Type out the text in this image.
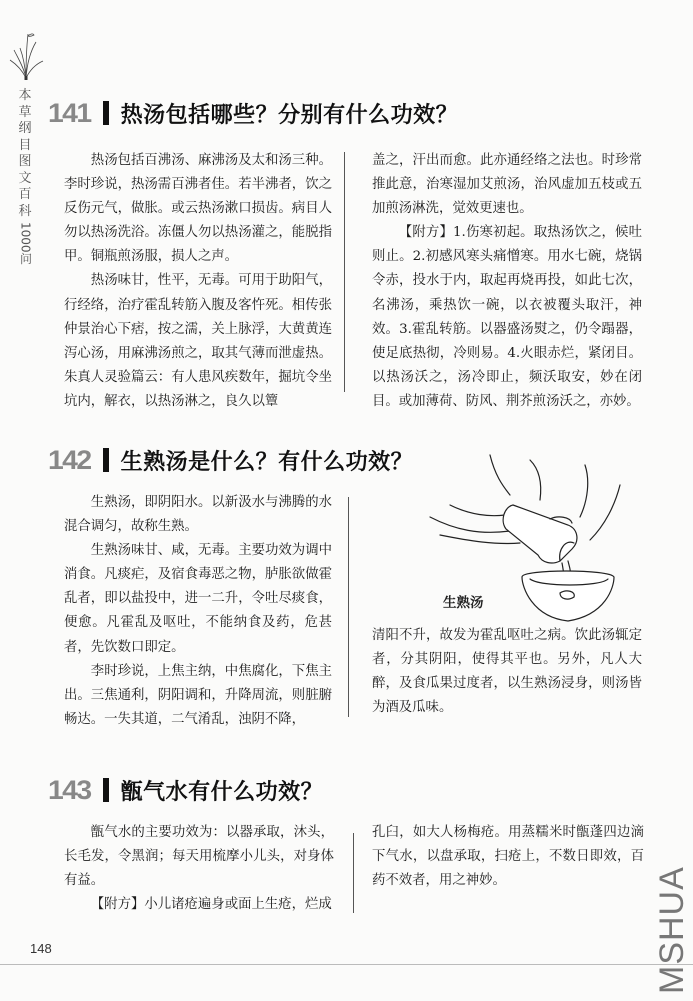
本草纲目图文百科
1000问
141 热汤包括哪些？分别有什么功效？

热汤包括百沸汤、麻沸汤及太和汤三种。李时珍说，热汤需百沸者佳。若半沸者，饮之反伤元气，做胀。或云热汤漱口损齿。病目人勿以热汤洗浴。冻僵人勿以热汤灌之，能脱指甲。铜瓶煎汤服，损人之声。

热汤味甘，性平，无毒。可用于助阳气，行经络，治疗霍乱转筋入腹及客忤死。相传张仲景治心下痞，按之濡，关上脉浮，大黄黄连泻心汤，用麻沸汤煎之，取其气薄而泄虚热。朱真人灵验篇云：有人患风疾数年，掘坑令坐坑内，解衣，以热汤淋之，良久以簟

盖之，汗出而愈。此亦通经络之法也。时珍常推此意，治寒湿加艾煎汤，治风虚加五枝或五加煎汤淋洗，觉效更速也。

【附方】1.伤寒初起。取热汤饮之，候吐则止。2.初感风寒头痛憎寒。用水七碗，烧锅令赤，投水于内，取起再烧再投，如此七次，名沸汤，乘热饮一碗，以衣被覆头取汗，神效。3.霍乱转筋。以器盛汤熨之，仍令蹋器，使足底热彻，冷则易。4.火眼赤烂，紧闭目。以热汤沃之，汤冷即止，频沃取安，妙在闭目。或加薄荷、防风、荆芥煎汤沃之，亦妙。

142 生熟汤是什么？有什么功效？

生熟汤，即阴阳水。以新汲水与沸腾的水混合调匀，故称生熟。

生熟汤味甘、咸，无毒。主要功效为调中消食。凡痰疟，及宿食毒恶之物，胪胀欲做霍乱者，即以盐投中，进一二升，令吐尽痰食，便愈。凡霍乱及呕吐，不能纳食及药，危甚者，先饮数口即定。

李时珍说，上焦主纳，中焦腐化，下焦主出。三焦通利，阴阳调和，升降周流，则脏腑畅达。一失其道，二气淆乱，浊阴不降，

生熟汤

清阳不升，故发为霍乱呕吐之病。饮此汤辄定者，分其阴阳，使得其平也。另外，凡人大醉，及食瓜果过度者，以生熟汤浸身，则汤皆为酒及瓜味。

143 甑气水有什么功效？

甑气水的主要功效为：以器承取，沐头，长毛发，令黑润；每天用梳摩小儿头，对身体有益。

【附方】小儿诸疮遍身或面上生疮，烂成

孔臼，如大人杨梅疮。用蒸糯米时甑蓬四边滴下气水，以盘承取，扫疮上，不数日即效，百药不效者，用之神妙。

148	MSHUA
